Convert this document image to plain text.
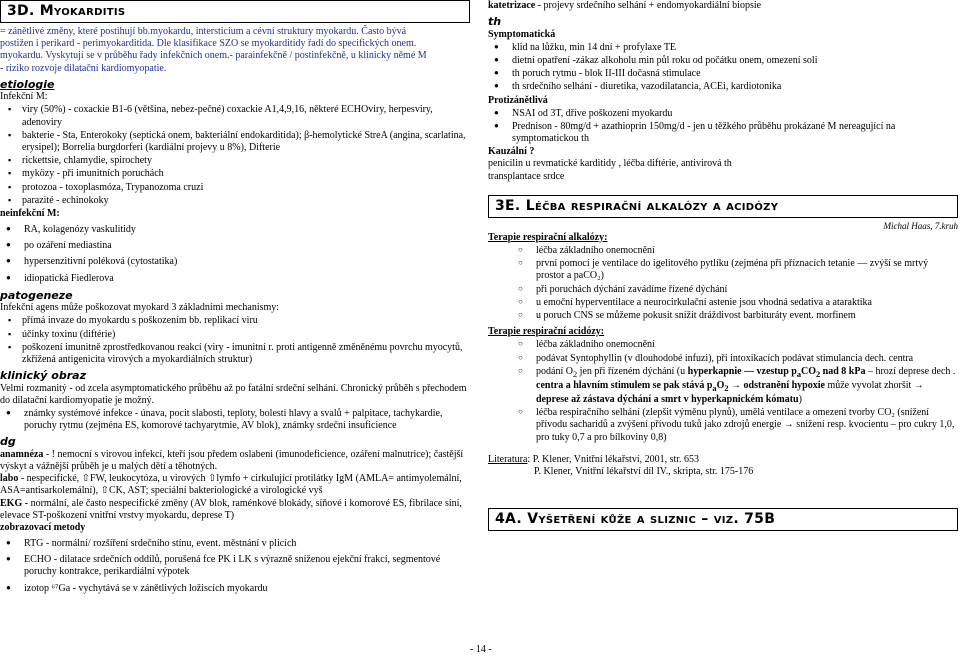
3D. Myokarditis
= zánětlivé změny, které postihují bb.myokardu, intersticium a cévní struktury myokardu. Často bývá
postižen i perikard - perimyokarditida. Dle klasifikace SZO se myokarditidy řadí do specifických onem.
myokardu. Vyskytují se v průběhu řady infekčních onem.- parainfekčně / postinfekčně, u klinicky němé M
- riziko rozvoje dilatační kardiomyopatie.
etiologie
Infekční M:
▪ viry (50%) - coxackie B1-6 (většina, nebez-pečné) coxackie A1,4,9,16, některé ECHOviry, herpesviry, adenoviry
▪ bakterie - Sta, Enterokoky (septická onem, bakteriální endokarditida); β-hemolytické StreA (angina, scarlatina, erysipel); Borrelia burgdorferi (kardiální projevy u 8%), Difterie
▪ rickettsie, chlamydie, spirochety
▪ myközy - při imunitních poruchách
▪ protozoa - toxoplasmóza, Trypanozoma cruzi
▪ parazité - echinokoky
neinfekční M:
● RA, kolagenózy vaskulitidy
● po ozáření mediastina
● hypersenzitivní poléková (cytostatika)
● idiopatická Fiedlerova
patogeneze
Infekční agens může poškozovat myokard 3 základními mechanismy:
▪ přímá invaze do myokardu s poškozením bb. replikací viru
▪ účinky toxinu (diftérie)
▪ poškození imunitně zprostředkovanou reakcí (viry - imunitní r. proti antigenně změněnému povrchu myocytů, zkřížená antigenicita virových a myokardiálních struktur)
klinický obraz
Velmi rozmanitý - od zcela asymptomatického průběhu až po fatální srdeční selhání. Chronický průběh s přechodem do dilatační kardiomyopatie je možný.
● známky systémové infekce - únava, pocit slabosti, teploty, bolesti hlavy a svalů + palpitace, tachykardie, poruchy rytmu (zejména ES, komorové tachyarytmie, AV blok), známky srdeční insuficience
dg
anamnéza - ! nemocní s virovou infekcí, kteří jsou předem oslabeni (imunodeficience, ozáření malnutrice); častější výskyt a vážnější průběh je u malých dětí a těhotných.
labo - nespecifické, ⇧FW, leukocytóza, u virových ⇧lymfo + cirkulující protilátky IgM (AMLA= antimyolemální, ASA=antisarkolemální), ⇧CK, AST; speciální bakteriologické a virologické vyš
EKG - normální, ale často nespecifické změny (AV blok, raménkové blokády, síňové i komorové ES, fibrilace síní, elevace ST-poškození vnitřní vrstvy myokardu, deprese T)
zobrazovací metody
● RTG - normální/ rozšíření srdečního stínu, event. městnání v plicích
● ECHO - dilatace srdečních oddílů, porušená fce PK i LK s výrazně sníženou ejekční frakcí, segmentové poruchy kontrakce, perikardiální výpotek
● izotop ⁶⁷Ga - vychytává se v zánětlivých ložiscích myokardu
katetrizace - projevy srdečního selhání + endomyokardiální biopsie
th
Symptomatická
● klid na lůžku, min 14 dní + profylaxe TE
● dietní opatření -zákaz alkoholu min půl roku od počátku onem, omezení soli
● th poruch rytmu - blok II-III dočasná stimulace
● th srdečního selhání - diuretika, vazodilatancia, ACEi, kardiotonika
Protizánětlivá
● NSAI od 3T, dříve poškození myokardu
● Prednison - 80mg/d + azathioprin 150mg/d - jen u těžkého průběhu prokázané M nereagující na symptomatickou th
Kauzální ?
penicilin u revmatické karditidy , léčba diftérie, antivirová th
transplantace srdce
3E. Léčba respirační alkalózy a acidózy
Michal Haas, 7.kruh
Terapie respirační alkalózy:
○ léčba základního onemocnění
○ první pomocí je ventilace do igelitového pytlíku (zejména při příznacích tetanie — zvýší se mrtvý prostor a paCO₂)
○ při poruchách dýchání zavádíme řízené dýchání
○ u emoční hyperventilace a neurocirkulační astenie jsou vhodná sedativa a ataraktika
○ u poruch CNS se můžeme pokusit snížit dráždivost barbituráty event. morfinem
Terapie respirační acidózy:
○ léčba základního onemocnění
○ podávat Syntophyllin (v dlouhodobé infuzi), při intoxikacích podávat stimulancia dech. centra
○ podání $O_2$ jen při řízeném dýchání (u hyperkapnie — vzestup $p_aCO_2$ nad 8 kPa – hrozí deprese dech . centra a hlavním stimulem se pak stává $p_aO_2$ → odstranění hypoxie může vyvolat zhoršit → deprese až zástava dýchání a smrt v hyperkapnickém kómatu)
○ léčba respiračního selhání (zlepšit výměnu plynů), umělá ventilace a omezení tvorby CO₂ (snížení přívodu sacharidů a zvýšení přívodu tuků jako zdrojů energie → snížení resp. kvocientu – pro cukry 1,0, pro tuky 0,7 a pro bílkoviny 0,8)
Literatura: P. Klener, Vnitřní lékařství, 2001, str. 653
P. Klener, Vnitřní lékařství díl IV., skripta, str. 175-176
4A. Vyšetření kůže a sliznic – viz. 75B
- 14 -
